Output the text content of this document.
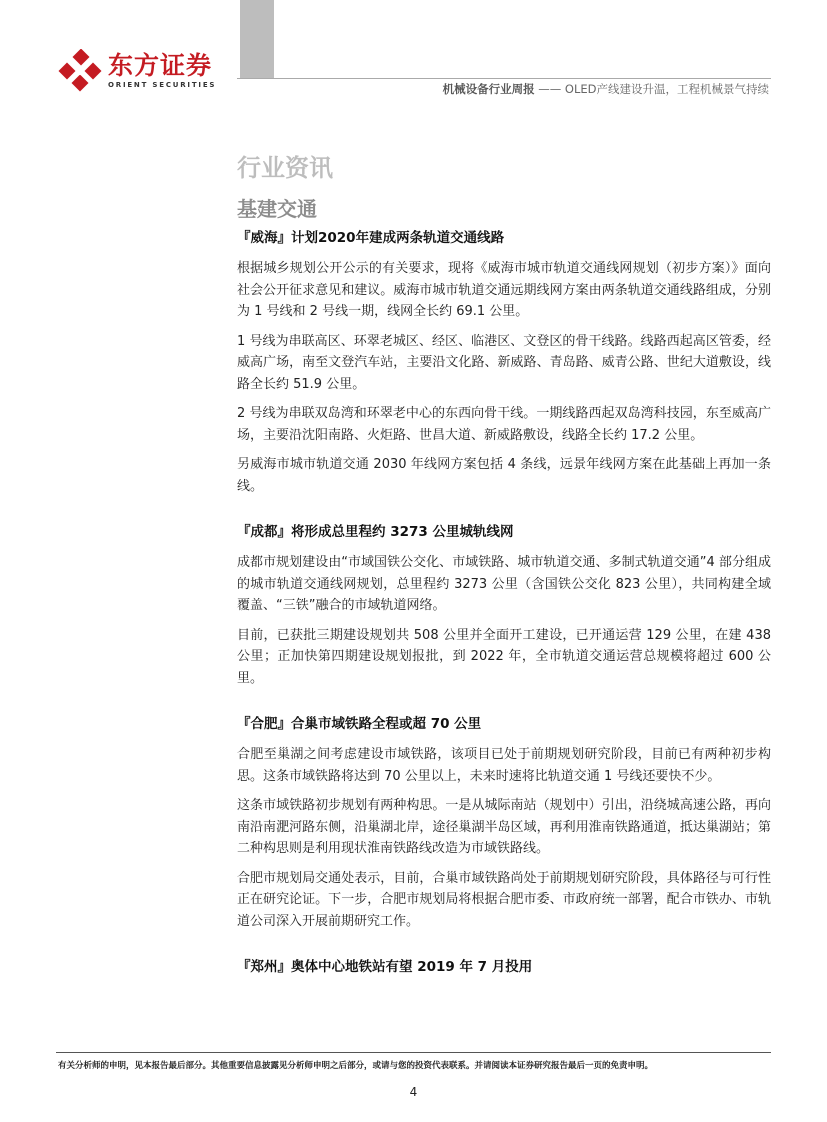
东方证券
ORIENT SECURITIES	机械设备行业周报 —— OLED产线建设升温，工程机械景气持续
行业资讯
基建交通
『威海』计划2020年建成两条轨道交通线路

根据城乡规划公开公示的有关要求，现将《威海市城市轨道交通线网规划（初步方案）》面向社会公开征求意见和建议。威海市城市轨道交通远期线网方案由两条轨道交通线路组成，分别为 1 号线和 2 号线一期，线网全长约 69.1 公里。

1 号线为串联高区、环翠老城区、经区、临港区、文登区的骨干线路。线路西起高区管委，经威高广场，南至文登汽车站，主要沿文化路、新威路、青岛路、威青公路、世纪大道敷设，线路全长约 51.9 公里。

2 号线为串联双岛湾和环翠老中心的东西向骨干线。一期线路西起双岛湾科技园，东至威高广场，主要沿沈阳南路、火炬路、世昌大道、新威路敷设，线路全长约 17.2 公里。

另威海市城市轨道交通 2030 年线网方案包括 4 条线，远景年线网方案在此基础上再加一条线。

『成都』将形成总里程约 3273 公里城轨线网

成都市规划建设由“市域国铁公交化、市域铁路、城市轨道交通、多制式轨道交通”4 部分组成的城市轨道交通线网规划，总里程约 3273 公里（含国铁公交化 823 公里），共同构建全域覆盖、“三铁”融合的市域轨道网络。

目前，已获批三期建设规划共 508 公里并全面开工建设，已开通运营 129 公里，在建 438 公里；正加快第四期建设规划报批，到 2022 年，全市轨道交通运营总规模将超过 600 公里。

『合肥』合巢市域铁路全程或超 70 公里

合肥至巢湖之间考虑建设市域铁路，该项目已处于前期规划研究阶段，目前已有两种初步构思。这条市域铁路将达到 70 公里以上，未来时速将比轨道交通 1 号线还要快不少。

这条市域铁路初步规划有两种构思。一是从城际南站（规划中）引出，沿绕城高速公路，再向南沿南淝河路东侧，沿巢湖北岸，途径巢湖半岛区域，再利用淮南铁路通道，抵达巢湖站；第二种构思则是利用现状淮南铁路线改造为市域铁路线。

合肥市规划局交通处表示，目前，合巢市域铁路尚处于前期规划研究阶段，具体路径与可行性正在研究论证。下一步，合肥市规划局将根据合肥市委、市政府统一部署，配合市铁办、市轨道公司深入开展前期研究工作。

『郑州』奥体中心地铁站有望 2019 年 7 月投用
有关分析师的申明，见本报告最后部分。其他重要信息披露见分析师申明之后部分，或请与您的投资代表联系。并请阅读本证券研究报告最后一页的免责申明。
4
